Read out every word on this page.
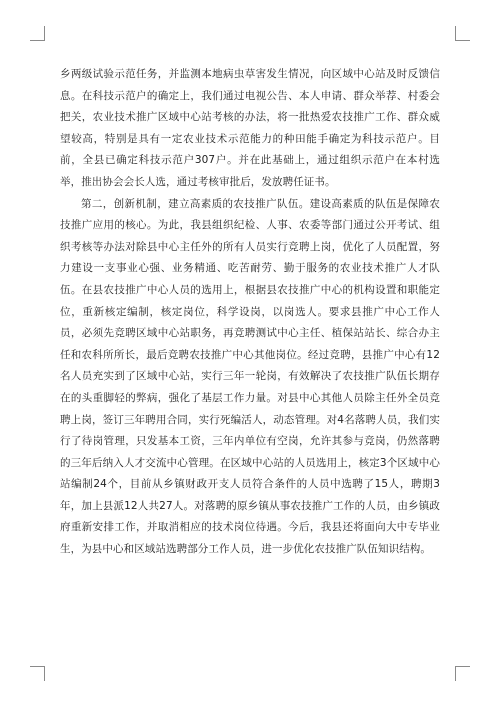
乡两级试验示范任务，并监测本地病虫草害发生情况，向区域中心站及时反馈信息。在科技示范户的确定上，我们通过电视公告、本人申请、群众举荐、村委会把关，农业技术推广区域中心站考核的办法，将一批热爱农技推广工作、群众威望较高，特别是具有一定农业技术示范能力的种田能手确定为科技示范户。目前，全县已确定科技示范户307户。并在此基础上，通过组织示范户在本村选举，推出协会会长人选，通过考核审批后，发放聘任证书。

第二，创新机制，建立高素质的农技推广队伍。建设高素质的队伍是保障农技推广应用的核心。为此，我县组织纪检、人事、农委等部门通过公开考试、组织考核等办法对除县中心主任外的所有人员实行竞聘上岗，优化了人员配置，努力建设一支事业心强、业务精通、吃苦耐劳、勤于服务的农业技术推广人才队伍。在县农技推广中心人员的选用上，根据县农技推广中心的机构设置和职能定位，重新核定编制，核定岗位，科学设岗，以岗选人。要求县推广中心工作人员，必须先竞聘区域中心站职务，再竞聘测试中心主任、植保站站长、综合办主任和农科所所长，最后竞聘农技推广中心其他岗位。经过竞聘，县推广中心有12名人员充实到了区域中心站，实行三年一轮岗，有效解决了农技推广队伍长期存在的头重脚轻的弊病，强化了基层工作力量。对县中心其他人员除主任外全员竞聘上岗，签订三年聘用合同，实行死编活人，动态管理。对4名落聘人员，我们实行了待岗管理，只发基本工资，三年内单位有空岗，允许其参与竞岗，仍然落聘的三年后纳入人才交流中心管理。在区域中心站的人员选用上，核定3个区域中心站编制24个，目前从乡镇财政开支人员符合条件的人员中选聘了15人，聘期3年，加上县派12人共27人。对落聘的原乡镇从事农技推广工作的人员，由乡镇政府重新安排工作，并取消相应的技术岗位待遇。今后，我县还将面向大中专毕业生，为县中心和区域站选聘部分工作人员，进一步优化农技推广队伍知识结构。
